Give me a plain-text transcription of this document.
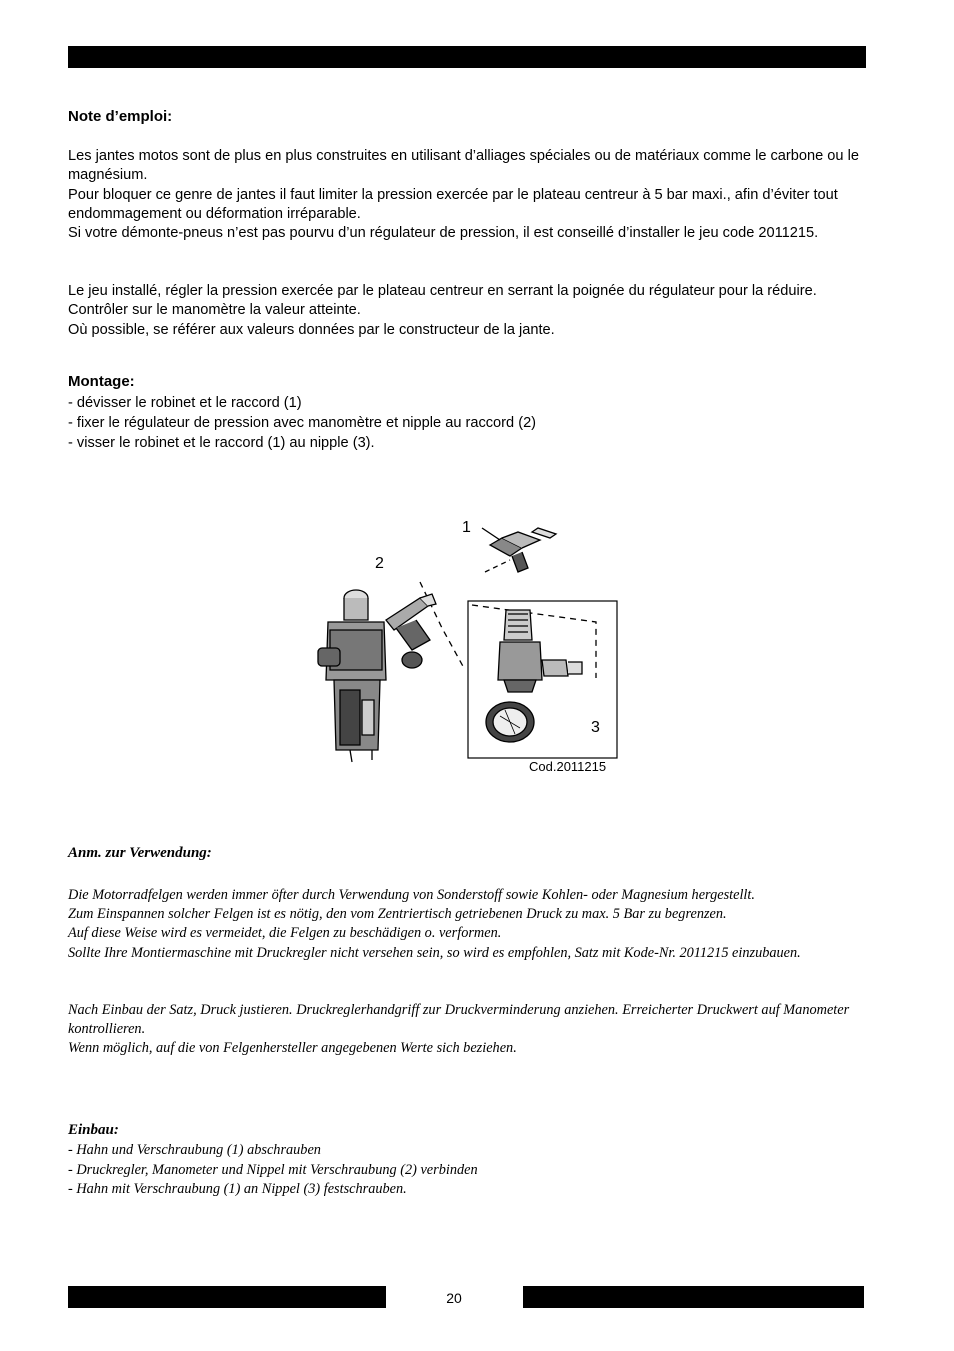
Note d’emploi:

Les jantes motos sont de plus en plus construites en utilisant d’alliages spéciales ou de matériaux comme le carbone ou le magnésium.

Pour bloquer ce genre de jantes il faut limiter la pression exercée par le plateau centreur à 5 bar maxi., afin d’éviter tout endommagement ou déformation irréparable.

Si votre démonte-pneus n’est pas pourvu d’un régulateur de pression, il est conseillé d’installer le jeu code 2011215.

Le jeu installé, régler la pression exercée par le plateau centreur en serrant la poignée du régulateur pour la réduire. Contrôler sur le manomètre la valeur atteinte.

Où possible, se référer aux valeurs données par le constructeur de la jante.

Montage:
- dévisser le robinet et le raccord (1)
- fixer le régulateur de pression avec manomètre et nipple au raccord (2)
- visser le robinet et le raccord (1) au nipple (3).
1
2
3
Cod.2011215
Anm. zur Verwendung:

Die Motorradfelgen werden immer öfter durch Verwendung von Sonderstoff sowie Kohlen- oder Magnesium hergestellt.

Zum Einspannen solcher Felgen ist es nötig, den vom Zentriertisch getriebenen Druck zu max. 5 Bar zu begrenzen.

Auf diese Weise wird es vermeidet, die Felgen zu beschädigen o. verformen.

Sollte Ihre Montiermaschine mit Druckregler nicht versehen sein, so wird es empfohlen, Satz mit Kode-Nr. 2011215 einzubauen.

Nach Einbau der Satz, Druck justieren. Druckreglerhandgriff zur Druckverminderung anziehen. Erreicherter Druckwert auf Manometer kontrollieren.

Wenn möglich, auf die von Felgenhersteller angegebenen Werte sich beziehen.

Einbau:
- Hahn und Verschraubung (1) abschrauben
- Druckregler, Manometer und Nippel mit Verschraubung (2) verbinden
- Hahn mit Verschraubung (1) an Nippel (3) festschrauben.
20
